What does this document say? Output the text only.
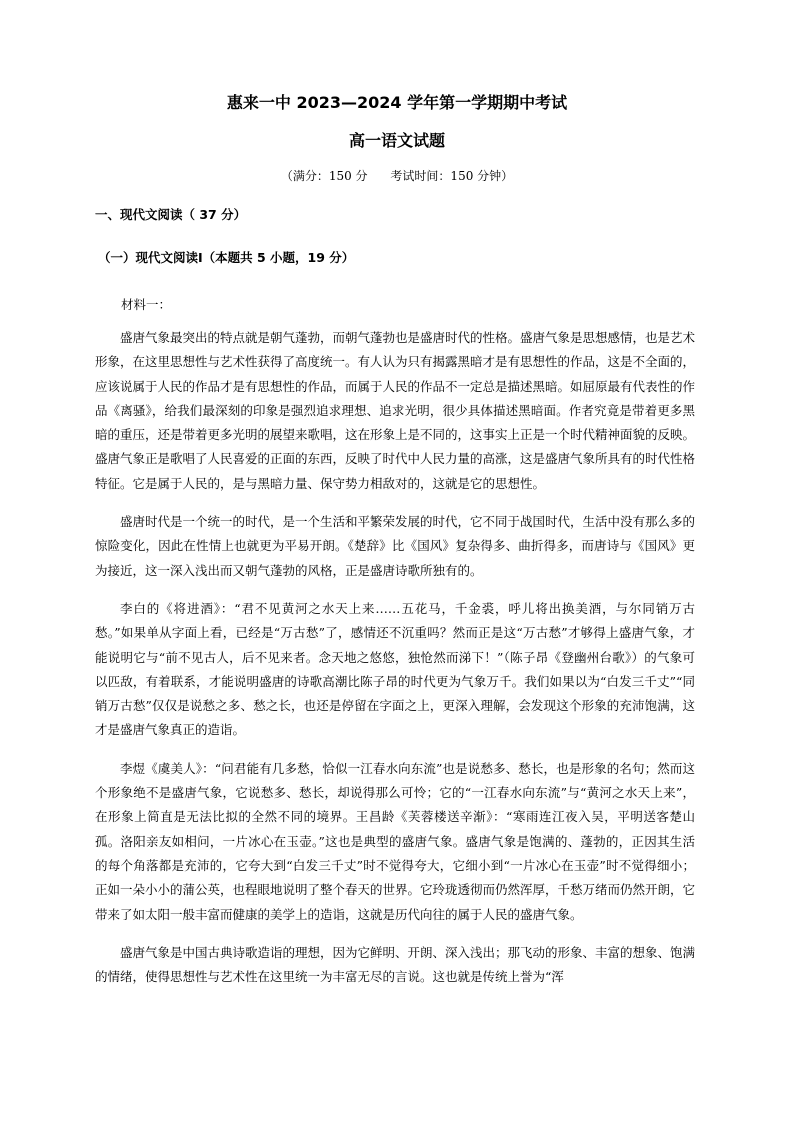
惠来一中 2023—2024 学年第一学期期中考试
高一语文试题
（满分：150 分      考试时间：150 分钟）
一、现代文阅读（ 37 分）
（一）现代文阅读Ⅰ（本题共 5 小题，19 分）
材料一：

盛唐气象最突出的特点就是朝气蓬勃，而朝气蓬勃也是盛唐时代的性格。盛唐气象是思想感情，也是艺术形象，在这里思想性与艺术性获得了高度统一。有人认为只有揭露黑暗才是有思想性的作品，这是不全面的，应该说属于人民的作品才是有思想性的作品，而属于人民的作品不一定总是描述黑暗。如屈原最有代表性的作品《离骚》，给我们最深刻的印象是强烈追求理想、追求光明，很少具体描述黑暗面。作者究竟是带着更多黑暗的重压，还是带着更多光明的展望来歌唱，这在形象上是不同的，这事实上正是一个时代精神面貌的反映。盛唐气象正是歌唱了人民喜爱的正面的东西，反映了时代中人民力量的高涨，这是盛唐气象所具有的时代性格特征。它是属于人民的，是与黑暗力量、保守势力相敌对的，这就是它的思想性。

盛唐时代是一个统一的时代，是一个生活和平繁荣发展的时代，它不同于战国时代，生活中没有那么多的惊险变化，因此在性情上也就更为平易开朗。《楚辞》比《国风》复杂得多、曲折得多，而唐诗与《国风》更为接近，这一深入浅出而又朝气蓬勃的风格，正是盛唐诗歌所独有的。

李白的《将进酒》：“君不见黄河之水天上来……五花马，千金裘，呼儿将出换美酒，与尔同销万古愁。”如果单从字面上看，已经是“万古愁”了，感情还不沉重吗？然而正是这“万古愁”才够得上盛唐气象，才能说明它与“前不见古人，后不见来者。念天地之悠悠，独怆然而涕下！”（陈子昂《登幽州台歌》）的气象可以匹敌，有着联系，才能说明盛唐的诗歌高潮比陈子昂的时代更为气象万千。我们如果以为“白发三千丈”“同销万古愁”仅仅是说愁之多、愁之长，也还是停留在字面之上，更深入理解，会发现这个形象的充沛饱满，这才是盛唐气象真正的造诣。

李煜《虞美人》：“问君能有几多愁，恰似一江春水向东流”也是说愁多、愁长，也是形象的名句；然而这个形象绝不是盛唐气象，它说愁多、愁长，却说得那么可怜；它的“一江春水向东流”与“黄河之水天上来”，在形象上简直是无法比拟的全然不同的境界。王昌龄《芙蓉楼送辛渐》：“寒雨连江夜入吴，平明送客楚山孤。洛阳亲友如相问，一片冰心在玉壶。”这也是典型的盛唐气象。盛唐气象是饱满的、蓬勃的，正因其生活的每个角落都是充沛的，它夸大到“白发三千丈”时不觉得夸大，它细小到“一片冰心在玉壶”时不觉得细小；正如一朵小小的蒲公英，也程眼地说明了整个春天的世界。它玲珑透彻而仍然浑厚，千愁万绪而仍然开朗，它带来了如太阳一般丰富而健康的美学上的造诣，这就是历代向往的属于人民的盛唐气象。

盛唐气象是中国古典诗歌造诣的理想，因为它鲜明、开朗、深入浅出；那飞动的形象、丰富的想象、饱满的情绪，使得思想性与艺术性在这里统一为丰富无尽的言说。这也就是传统上誉为“浑
